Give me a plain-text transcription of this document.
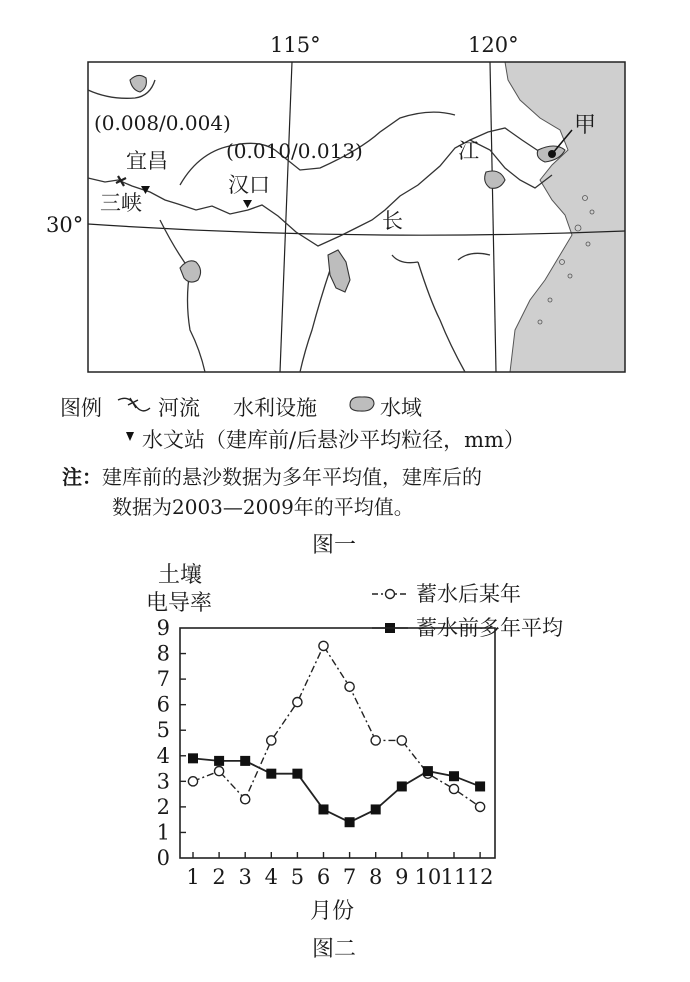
115°	120°
30°
(0.008/0.004)
宜昌
三峡
(0.010/0.013)
汉口
长
江
甲
图例	河流 水利设施	水域
水文站（建库前/后悬沙平均粒径，mm）
注：建库前的悬沙数据为多年平均值，建库后的
数据为2003—2009年的平均值。
图一
土壤
电导率	蓄水后某年
蓄水前多年平均
0
1
2
3
4
5
6
7
8
9
1 2 3 4 5 6 7 8 9 10 11 12
月份
图二
